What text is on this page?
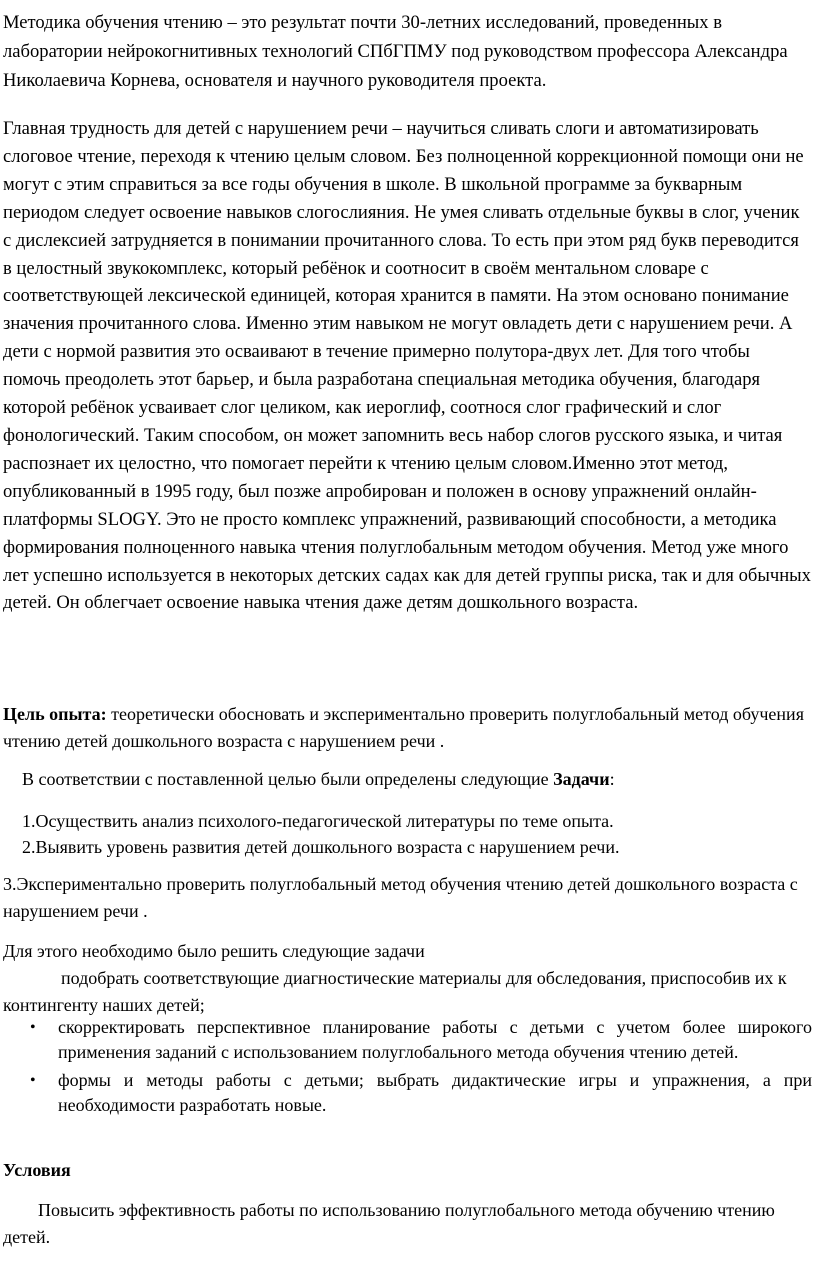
Методика обучения чтению – это результат почти 30-летних исследований, проведенных в лаборатории нейрокогнитивных технологий СПбГПМУ под руководством профессора Александра Николаевича Корнева, основателя и научного руководителя проекта.

Главная трудность для детей с нарушением речи – научиться сливать слоги и автоматизировать слоговое чтение, переходя к чтению целым словом. Без полноценной коррекционной помощи они не могут с этим справиться за все годы обучения в школе. В школьной программе за букварным периодом следует освоение навыков слогослияния. Не умея сливать отдельные буквы в слог, ученик с дислексией затрудняется в понимании прочитанного слова. То есть при этом ряд букв переводится в целостный звукокомплекс, который ребёнок и соотносит в своём ментальном словаре с соответствующей лексической единицей, которая хранится в памяти. На этом основано понимание значения прочитанного слова. Именно этим навыком не могут овладеть дети с нарушением речи. А дети с нормой развития это осваивают в течение примерно полутора-двух лет. Для того чтобы помочь преодолеть этот барьер, и была разработана специальная методика обучения, благодаря которой ребёнок усваивает слог целиком, как иероглиф, соотнося слог графический и слог фонологический. Таким способом, он может запомнить весь набор слогов русского языка, и читая распознает их целостно, что помогает перейти к чтению целым словом.Именно этот метод, опубликованный в 1995 году, был позже апробирован и положен в основу упражнений онлайн-платформы SLOGY. Это не просто комплекс упражнений, развивающий способности, а методика формирования полноценного навыка чтения полуглобальным методом обучения. Метод уже много лет успешно используется в некоторых детских садах как для детей группы риска, так и для обычных детей. Он облегчает освоение навыка чтения даже детям дошкольного возраста.

Цель опыта: теоретически обосновать и экспериментально проверить полуглобальный метод обучения чтению детей дошкольного возраста с нарушением речи .

В соответствии с поставленной целью были определены следующие Задачи:

1.Осуществить анализ психолого-педагогической литературы по теме опыта.
2.Выявить уровень развития детей дошкольного возраста с нарушением речи.

3.Экспериментально проверить полуглобальный метод обучения чтению детей дошкольного возраста с нарушением речи .

Для этого необходимо было решить следующие задачи
подобрать соответствующие диагностические материалы для обследования, приспособив их к контингенту наших детей;

• скорректировать перспективное планирование работы с детьми с учетом более широкого применения заданий с использованием полуглобального метода обучения чтению детей.
• формы и методы работы с детьми; выбрать дидактические игры и упражнения, а при необходимости разработать новые.

Условия

Повысить эффективность работы по использованию полуглобального метода обучению чтению детей.
